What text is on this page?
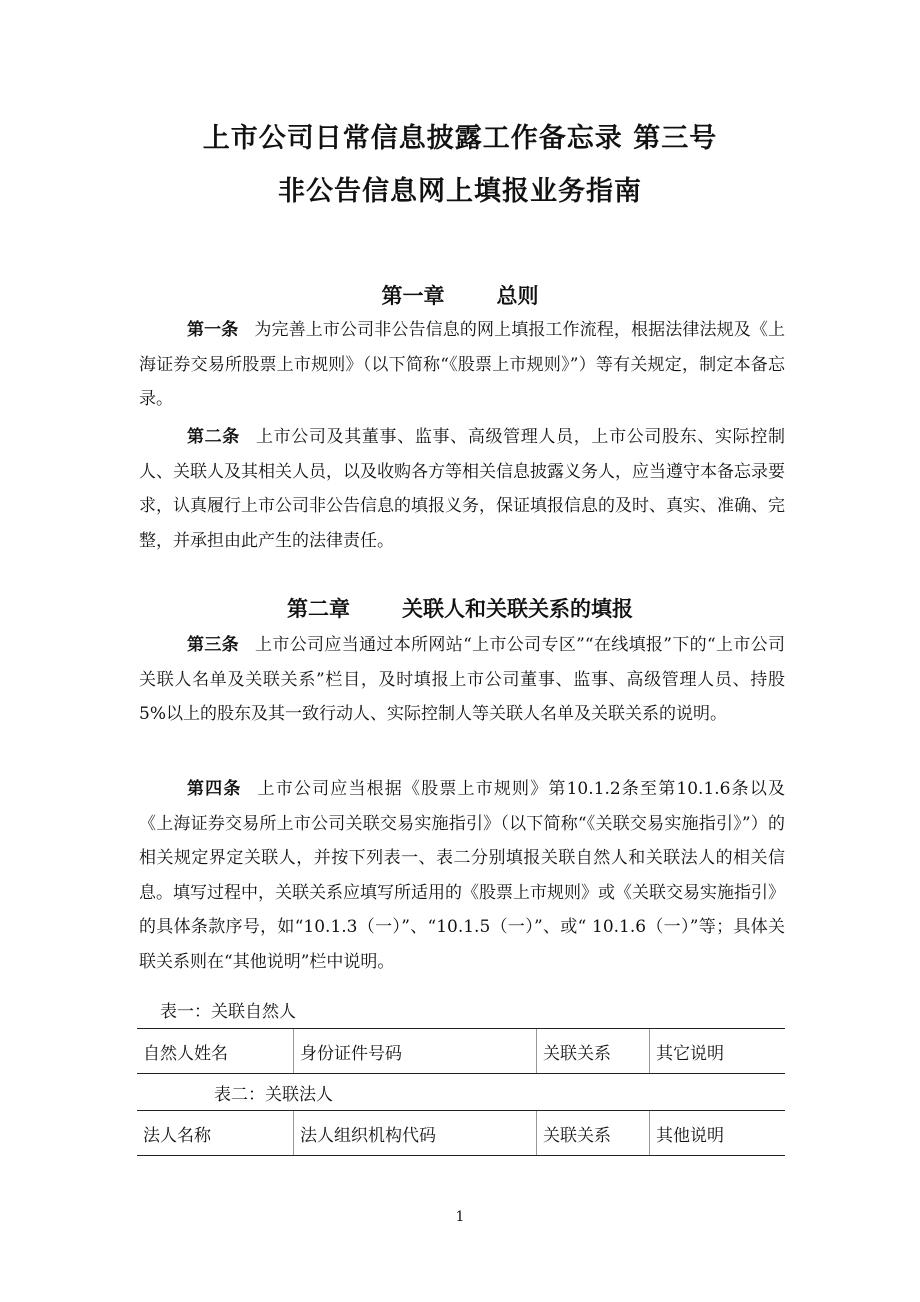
上市公司日常信息披露工作备忘录 第三号
非公告信息网上填报业务指南
第一章 总则
第一条 为完善上市公司非公告信息的网上填报工作流程，根据法律法规及《上海证券交易所股票上市规则》（以下简称“《股票上市规则》”）等有关规定，制定本备忘录。
第二条 上市公司及其董事、监事、高级管理人员，上市公司股东、实际控制人、关联人及其相关人员，以及收购各方等相关信息披露义务人，应当遵守本备忘录要求，认真履行上市公司非公告信息的填报义务，保证填报信息的及时、真实、准确、完整，并承担由此产生的法律责任。
第二章 关联人和关联关系的填报
第三条 上市公司应当通过本所网站“上市公司专区”“在线填报”下的“上市公司关联人名单及关联关系”栏目，及时填报上市公司董事、监事、高级管理人员、持股5%以上的股东及其一致行动人、实际控制人等关联人名单及关联关系的说明。
第四条 上市公司应当根据《股票上市规则》第10.1.2条至第10.1.6条以及《上海证券交易所上市公司关联交易实施指引》（以下简称“《关联交易实施指引》”）的相关规定界定关联人，并按下列表一、表二分别填报关联自然人和关联法人的相关信息。填写过程中，关联关系应填写所适用的《股票上市规则》或《关联交易实施指引》的具体条款序号，如“10.1.3（一）”、“10.1.5（一）”、或“ 10.1.6（一）”等；具体关联关系则在“其他说明”栏中说明。
表一：关联自然人
自然人姓名	身份证件号码	关联关系	其它说明
表二：关联法人
法人名称	法人组织机构代码	关联关系	其他说明
1
